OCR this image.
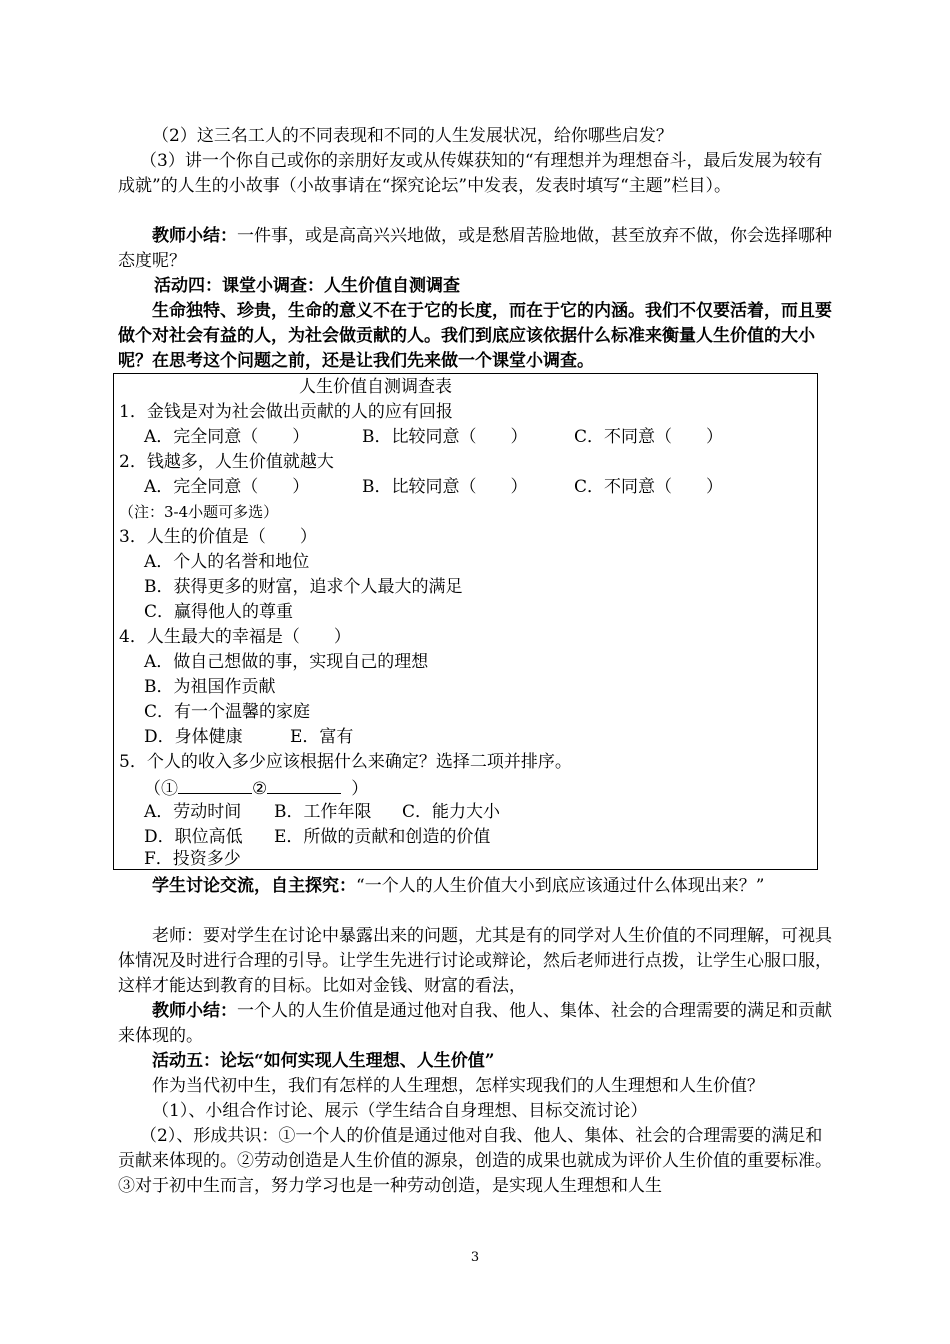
（2）这三名工人的不同表现和不同的人生发展状况，给你哪些启发？
（3）讲一个你自己或你的亲朋好友或从传媒获知的“有理想并为理想奋斗，最后发展为较有成就”的人生的小故事（小故事请在“探究论坛”中发表，发表时填写“主题”栏目）。
教师小结：一件事，或是高高兴兴地做，或是愁眉苦脸地做，甚至放弃不做，你会选择哪种态度呢？
活动四：课堂小调查：人生价值自测调查
生命独特、珍贵，生命的意义不在于它的长度，而在于它的内涵。我们不仅要活着，而且要做个对社会有益的人，为社会做贡献的人。我们到底应该依据什么标准来衡量人生价值的大小呢？在思考这个问题之前，还是让我们先来做一个课堂小调查。
人生价值自测调查表
1．金钱是对为社会做出贡献的人的应有回报
A．完全同意（　　）	B．比较同意（　　）	C．不同意（　　）
2．钱越多，人生价值就越大
A．完全同意（　　）	B．比较同意（　　）	C．不同意（　　）
（注：3-4小题可多选）
3．人生的价值是（　　）
A．个人的名誉和地位
B．获得更多的财富，追求个人最大的满足
C．赢得他人的尊重
4．人生最大的幸福是（　　）
A．做自己想做的事，实现自己的理想
B．为祖国作贡献
C．有一个温馨的家庭
D．身体健康	E．富有
5．个人的收入多少应该根据什么来确定？选择二项并排序。
（①	②	）
A．劳动时间 B．工作年限 C．能力大小
D．职位高低 E．所做的贡献和创造的价值
F．投资多少
学生讨论交流，自主探究：“一个人的人生价值大小到底应该通过什么体现出来？”
老师：要对学生在讨论中暴露出来的问题，尤其是有的同学对人生价值的不同理解，可视具体情况及时进行合理的引导。让学生先进行讨论或辩论，然后老师进行点拨，让学生心服口服，这样才能达到教育的目标。比如对金钱、财富的看法，
教师小结：一个人的人生价值是通过他对自我、他人、集体、社会的合理需要的满足和贡献来体现的。
活动五：论坛“如何实现人生理想、人生价值”
作为当代初中生，我们有怎样的人生理想，怎样实现我们的人生理想和人生价值？
（1）、小组合作讨论、展示（学生结合自身理想、目标交流讨论）
（2）、形成共识：①一个人的价值是通过他对自我、他人、集体、社会的合理需要的满足和贡献来体现的。②劳动创造是人生价值的源泉，创造的成果也就成为评价人生价值的重要标准。③对于初中生而言，努力学习也是一种劳动创造，是实现人生理想和人生
3
